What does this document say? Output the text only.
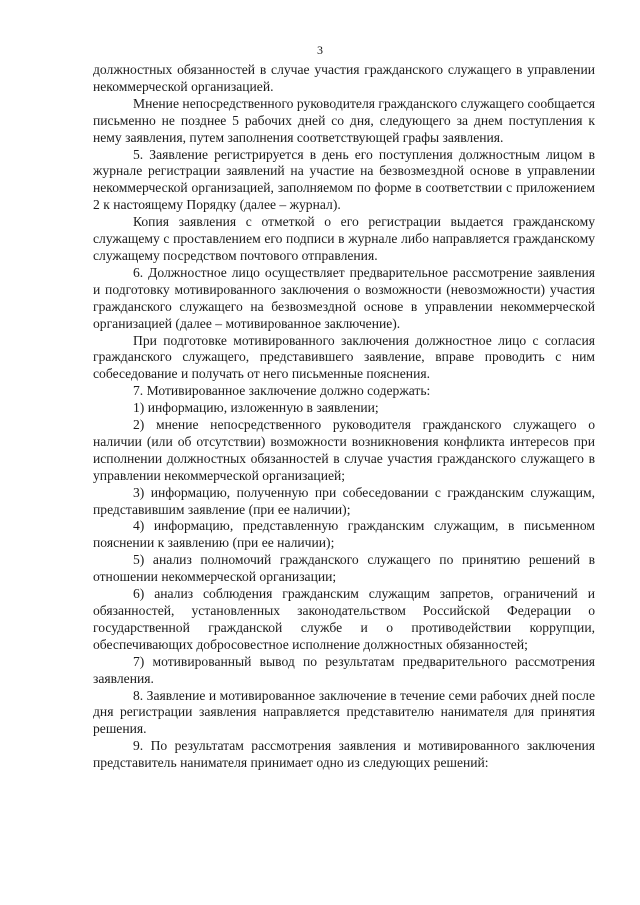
3

должностных обязанностей в случае участия гражданского служащего в управлении некоммерческой организацией.

Мнение непосредственного руководителя гражданского служащего сообщается письменно не позднее 5 рабочих дней со дня, следующего за днем поступления к нему заявления, путем заполнения соответствующей графы заявления.

5. Заявление регистрируется в день его поступления должностным лицом в журнале регистрации заявлений на участие на безвозмездной основе в управлении некоммерческой организацией, заполняемом по форме в соответствии с приложением 2 к настоящему Порядку (далее – журнал).

Копия заявления с отметкой о его регистрации выдается гражданскому служащему с проставлением его подписи в журнале либо направляется гражданскому служащему посредством почтового отправления.

6. Должностное лицо осуществляет предварительное рассмотрение заявления и подготовку мотивированного заключения о возможности (невозможности) участия гражданского служащего на безвозмездной основе в управлении некоммерческой организацией (далее – мотивированное заключение).

При подготовке мотивированного заключения должностное лицо с согласия гражданского служащего, представившего заявление, вправе проводить с ним собеседование и получать от него письменные пояснения.

7. Мотивированное заключение должно содержать:

1) информацию, изложенную в заявлении;

2) мнение непосредственного руководителя гражданского служащего о наличии (или об отсутствии) возможности возникновения конфликта интересов при исполнении должностных обязанностей в случае участия гражданского служащего в управлении некоммерческой организацией;

3) информацию, полученную при собеседовании с гражданским служащим, представившим заявление (при ее наличии);

4) информацию, представленную гражданским служащим, в письменном пояснении к заявлению (при ее наличии);

5) анализ полномочий гражданского служащего по принятию решений в отношении некоммерческой организации;

6) анализ соблюдения гражданским служащим запретов, ограничений и обязанностей, установленных законодательством Российской Федерации о государственной гражданской службе и о противодействии коррупции, обеспечивающих добросовестное исполнение должностных обязанностей;

7) мотивированный вывод по результатам предварительного рассмотрения заявления.

8. Заявление и мотивированное заключение в течение семи рабочих дней после дня регистрации заявления направляется представителю нанимателя для принятия решения.

9. По результатам рассмотрения заявления и мотивированного заключения представитель нанимателя принимает одно из следующих решений:
